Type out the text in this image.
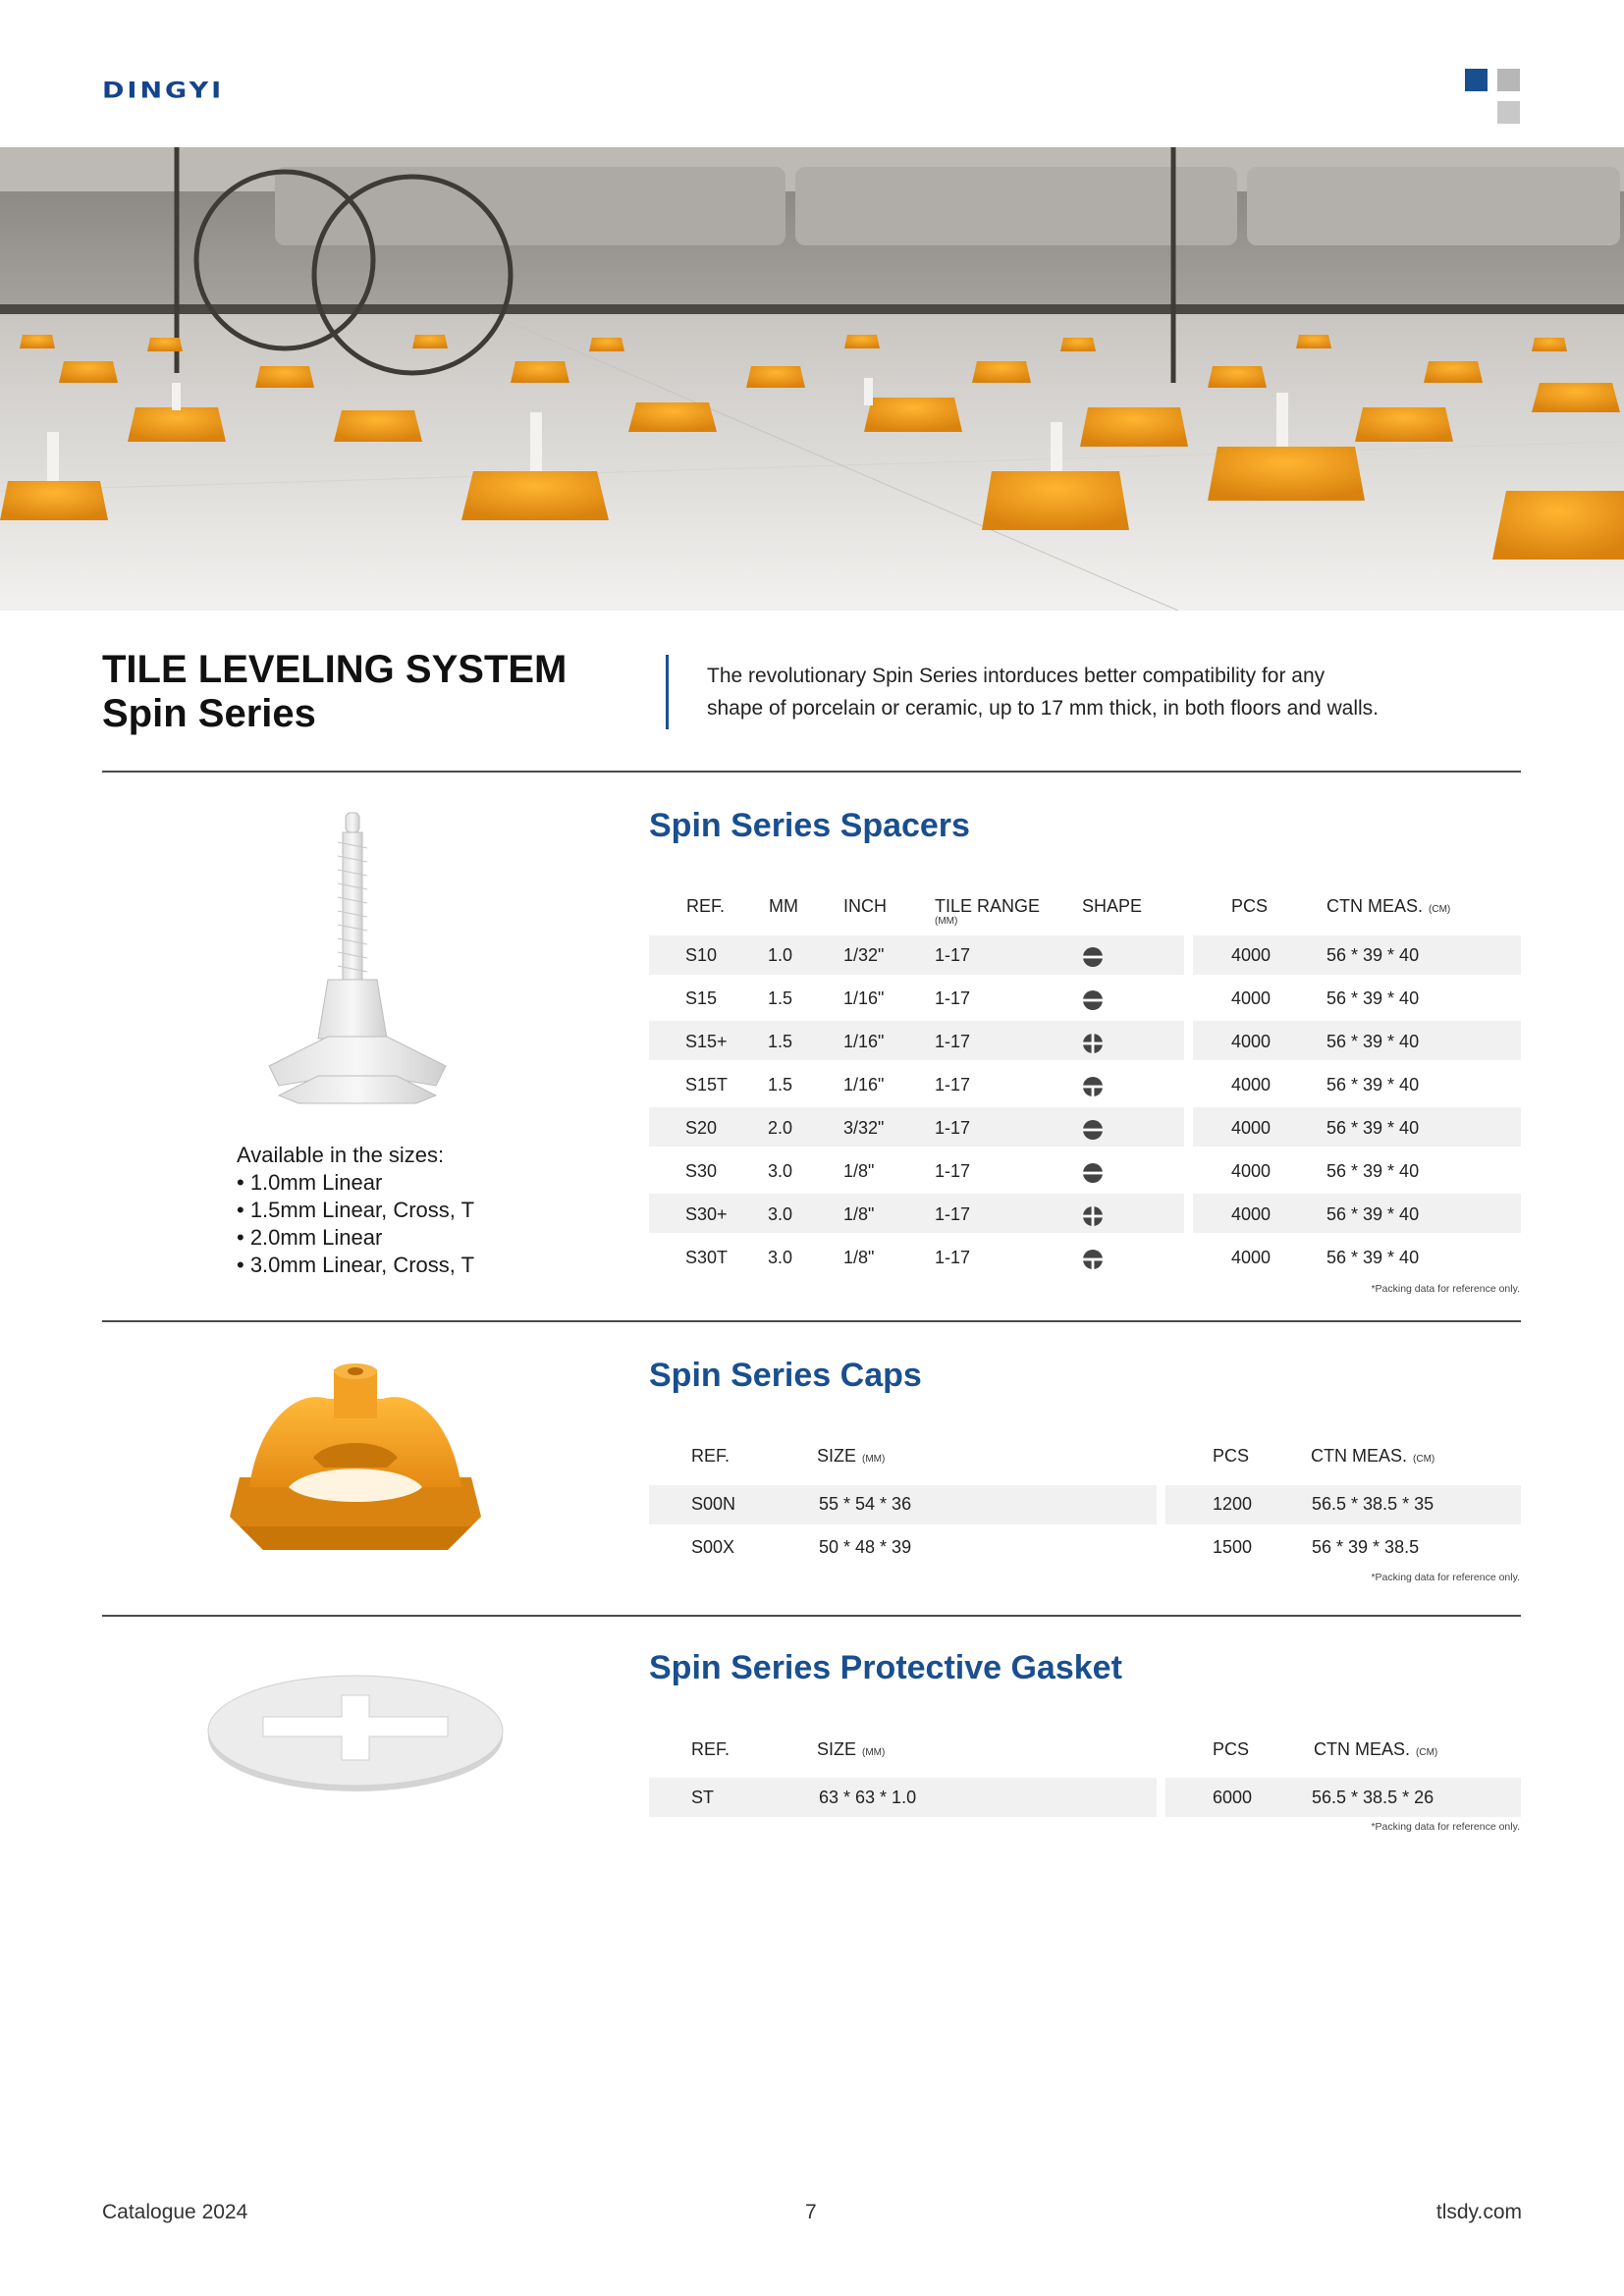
DINGYI
TILE LEVELING SYSTEM
Spin Series
The revolutionary Spin Series intorduces better compatibility for any
shape of porcelain or ceramic, up to 17 mm thick, in both floors and walls.
Spin Series Spacers
REF. MM	INCH	TILE RANGE
(MM)
SHAPE	PCS	CTN MEAS. (CM)
S10	1.0	1/32"	1-17	4000	56 * 39 * 40
S15	1.5	1/16"	1-17	4000	56 * 39 * 40
S15+ 1.5	1/16"	1-17	4000	56 * 39 * 40
S15T 1.5	1/16"	1-17	4000	56 * 39 * 40
S20	2.0	3/32"	1-17	4000	56 * 39 * 40
S30	3.0	1/8"	1-17	4000	56 * 39 * 40
S30+ 3.0	1/8"	1-17	4000	56 * 39 * 40
S30T 3.0	1/8"	1-17	4000	56 * 39 * 40
*Packing data for reference only.
Available in the sizes:
• 1.0mm Linear
• 1.5mm Linear, Cross, T
• 2.0mm Linear
• 3.0mm Linear, Cross, T
Spin Series Caps
REF.	SIZE (MM)	PCS	CTN MEAS. (CM)
S00N	55 * 54 * 36	1200	56.5 * 38.5 * 35
S00X	50 * 48 * 39	1500	56 * 39 * 38.5
*Packing data for reference only.
Spin Series Protective Gasket
REF.	SIZE (MM)	PCS	CTN MEAS. (CM)
ST	63 * 63 * 1.0	6000	56.5 * 38.5 * 26
*Packing data for reference only.
Catalogue 2024	7	tlsdy.com
